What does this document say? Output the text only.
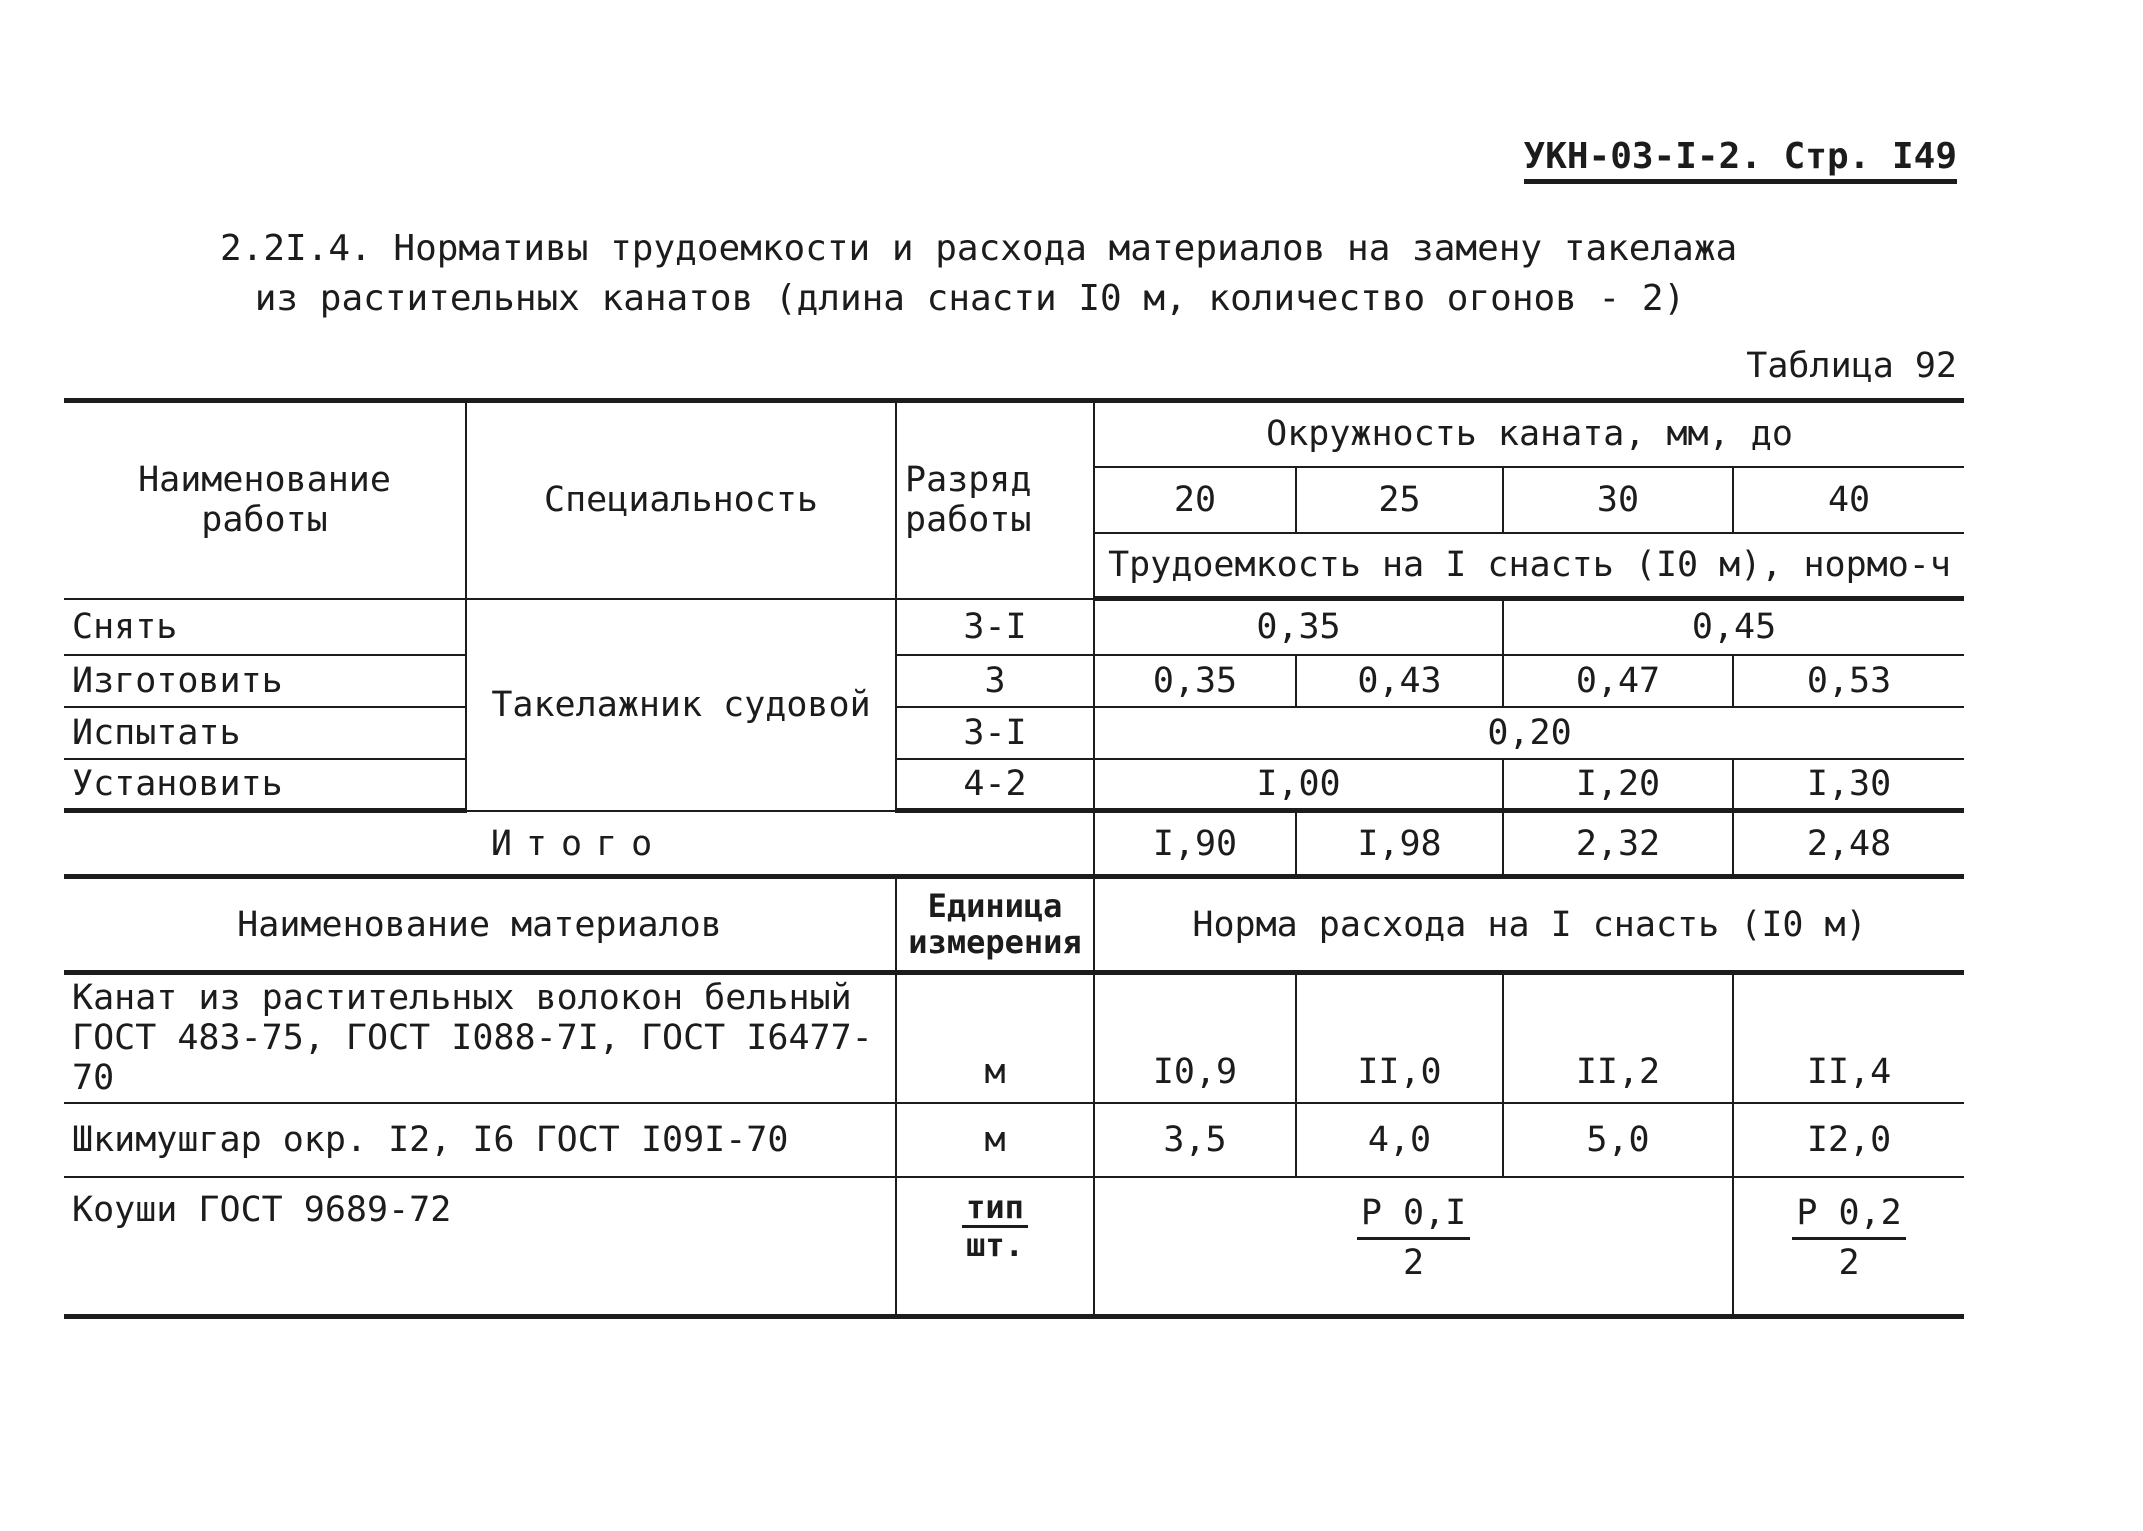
УКН-03-I-2. Стр. I49
2.2I.4. Нормативы трудоемкости и расхода материалов на замену такелажа
из растительных канатов (длина снасти I0 м, количество огонов - 2)
Таблица 92
Наименование работы	Специальность	Разряд работы	Окружность каната, мм, до			
			20	25	30	40
			Трудоемкость на I снасть (I0 м), нормо-ч			
Снять	Такелажник судовой	3-I	0,35		0,45	
Изготовить		3	0,35	0,43	0,47	0,53
Испытать		3-I	0,20			
Установить		4-2	I,00		I,20	I,30
Итого			I,90	I,98	2,32	2,48
Наименование материалов		Единица измерения	Норма расхода на I снасть (I0 м)			
Канат из растительных волокон бельный ГОСТ 483-75, ГОСТ I088-7I, ГОСТ I6477-70		м	I0,9	II,0	II,2	II,4
Шкимушгар окр. I2, I6 ГОСТ I09I-70		м	3,5	4,0	5,0	I2,0
Коуши ГОСТ 9689-72		$\frac{\text{тип}}{шт.}$	$\frac{Р 0,I}{2}$			$\frac{Р 0,2}{2}$
